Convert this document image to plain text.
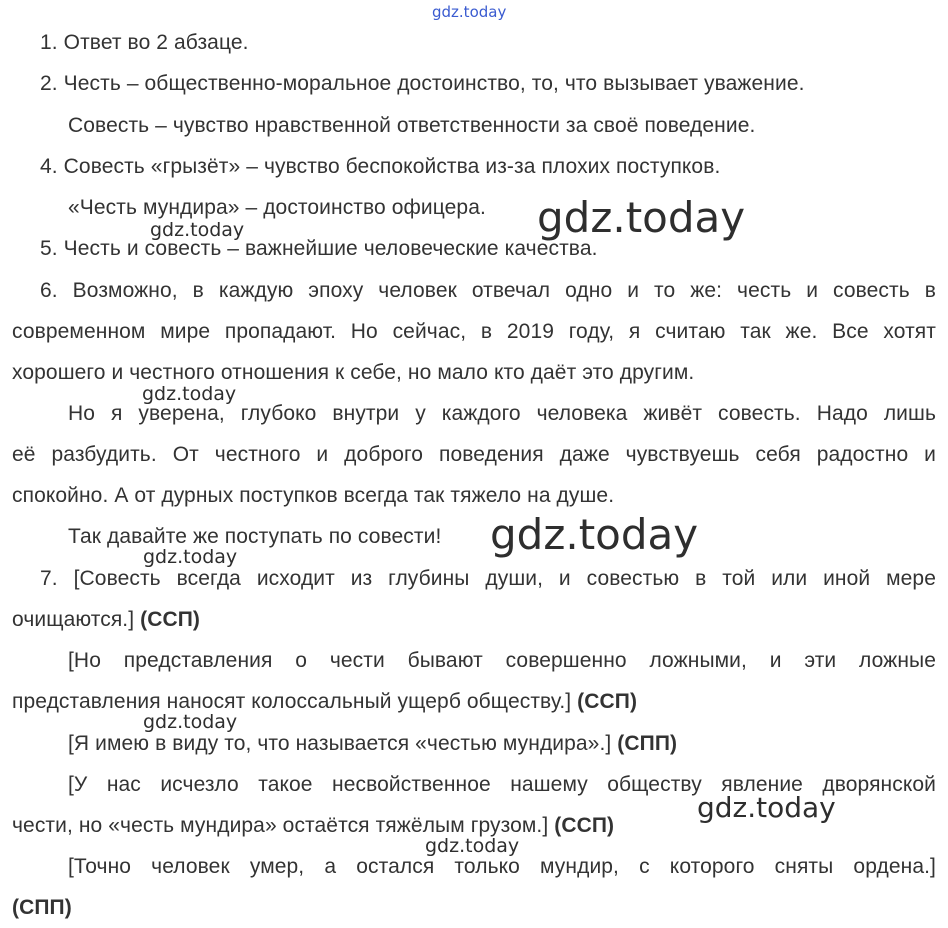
gdz.today
1. Ответ во 2 абзаце.
2. Честь – общественно-моральное достоинство, то, что вызывает уважение.
Совесть – чувство нравственной ответственности за своё поведение.
4. Совесть «грызёт» – чувство беспокойства из-за плохих поступков.
«Честь мундира» – достоинство офицера.
5. Честь и совесть – важнейшие человеческие качества.
6. Возможно, в каждую эпоху человек отвечал одно и то же: честь и совесть в
современном мире пропадают. Но сейчас, в 2019 году, я считаю так же. Все хотят
хорошего и честного отношения к себе, но мало кто даёт это другим.
Но я уверена, глубоко внутри у каждого человека живёт совесть. Надо лишь
её разбудить. От честного и доброго поведения даже чувствуешь себя радостно и
спокойно. А от дурных поступков всегда так тяжело на душе.
Так давайте же поступать по совести!
7. [Совесть всегда исходит из глубины души, и совестью в той или иной мере
очищаются.] (ССП)
[Но представления о чести бывают совершенно ложными, и эти ложные
представления наносят колоссальный ущерб обществу.] (ССП)
[Я имею в виду то, что называется «честью мундира».] (СПП)
[У нас исчезло такое несвойственное нашему обществу явление дворянской
чести, но «честь мундира» остаётся тяжёлым грузом.] (ССП)
[Точно человек умер, а остался только мундир, с которого сняты ордена.]
(СПП)
gdz.today
gdz.today
gdz.today
gdz.today
gdz.today
gdz.today
gdz.today
gdz.today
